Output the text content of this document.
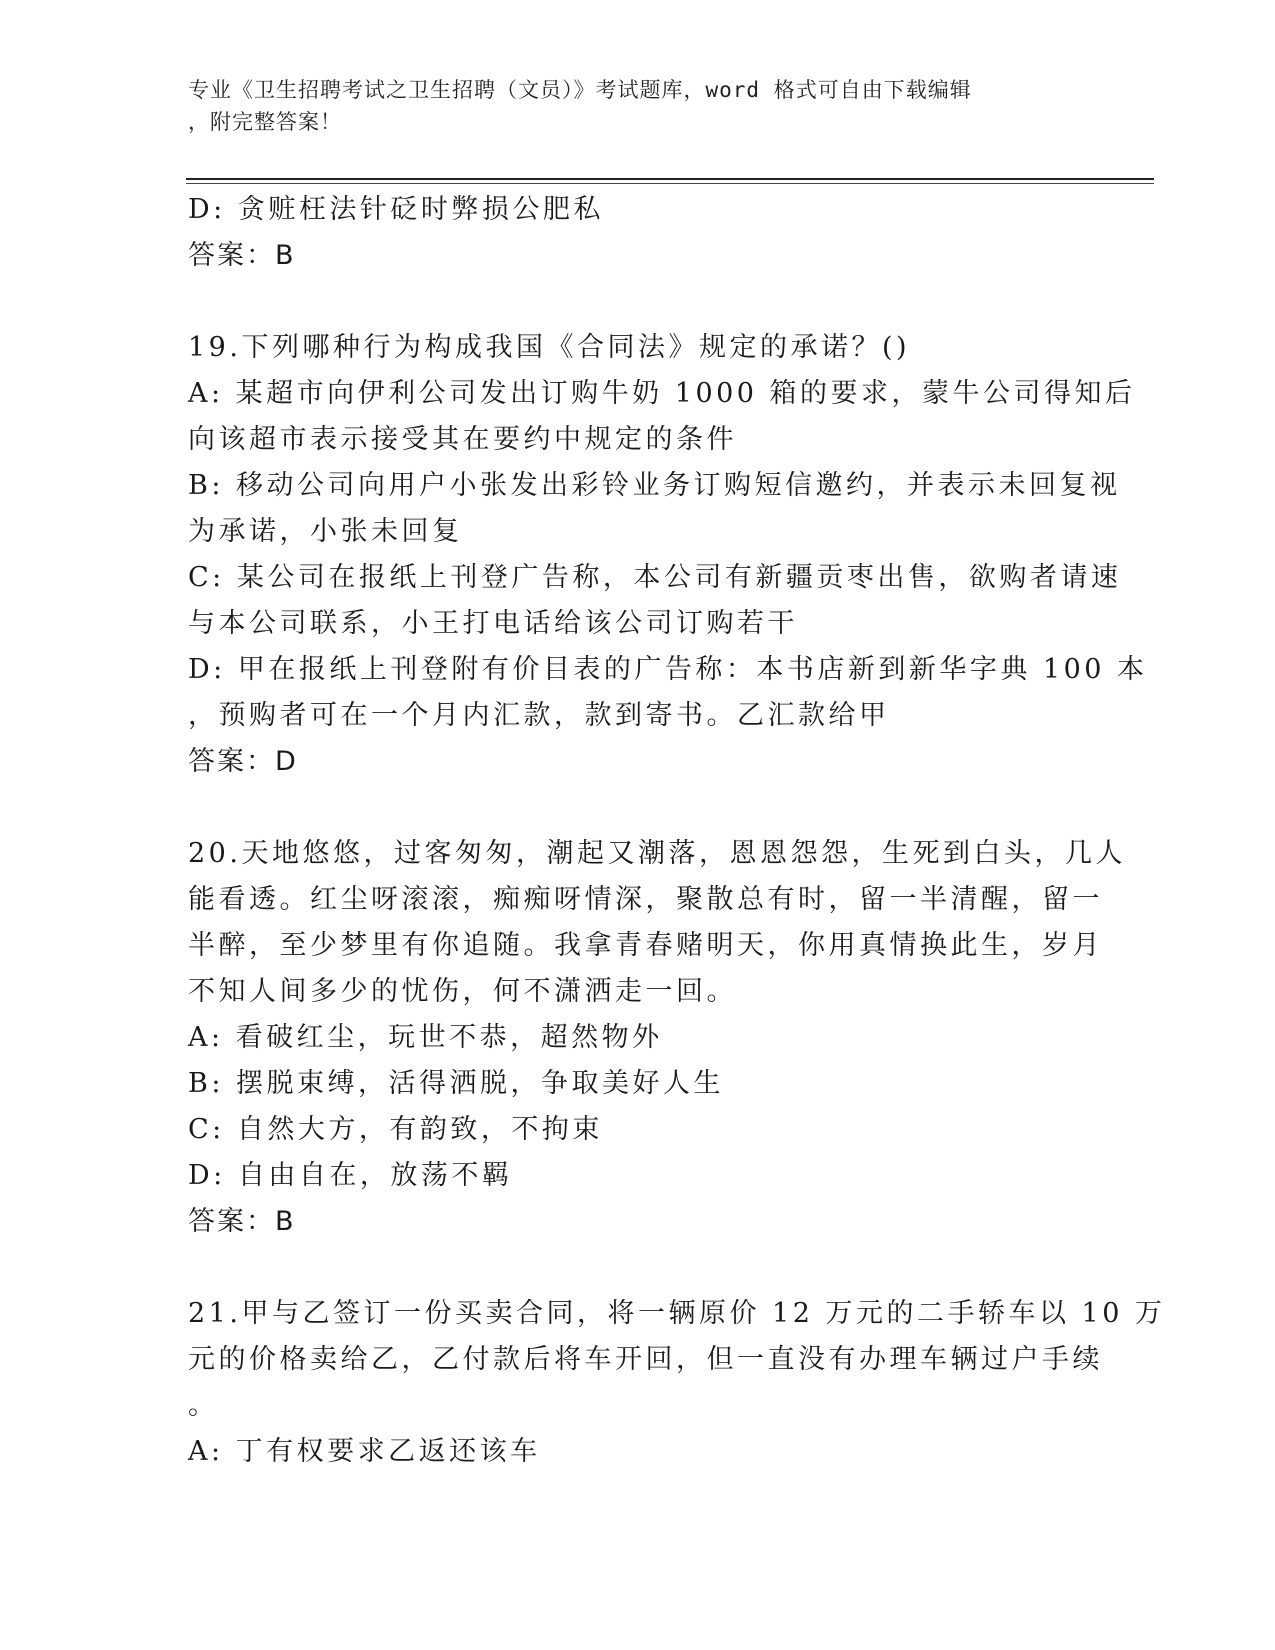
专业《卫生招聘考试之卫生招聘（文员）》考试题库，word 格式可自由下载编辑
，附完整答案！
D: 贪赃枉法针砭时弊损公肥私
答案：B
19.下列哪种行为构成我国《合同法》规定的承诺？()
A: 某超市向伊利公司发出订购牛奶 1000 箱的要求，蒙牛公司得知后
向该超市表示接受其在要约中规定的条件
B: 移动公司向用户小张发出彩铃业务订购短信邀约，并表示未回复视
为承诺，小张未回复
C: 某公司在报纸上刊登广告称，本公司有新疆贡枣出售，欲购者请速
与本公司联系，小王打电话给该公司订购若干
D: 甲在报纸上刊登附有价目表的广告称：本书店新到新华字典 100 本
，预购者可在一个月内汇款，款到寄书。乙汇款给甲
答案：D
20.天地悠悠，过客匆匆，潮起又潮落，恩恩怨怨，生死到白头，几人
能看透。红尘呀滚滚，痴痴呀情深，聚散总有时，留一半清醒，留一
半醉，至少梦里有你追随。我拿青春赌明天，你用真情换此生，岁月
不知人间多少的忧伤，何不潇洒走一回。
A: 看破红尘，玩世不恭，超然物外
B: 摆脱束缚，活得洒脱，争取美好人生
C: 自然大方，有韵致，不拘束
D: 自由自在，放荡不羁
答案：B
21.甲与乙签订一份买卖合同，将一辆原价 12 万元的二手轿车以 10 万
元的价格卖给乙，乙付款后将车开回，但一直没有办理车辆过户手续
。
A: 丁有权要求乙返还该车
